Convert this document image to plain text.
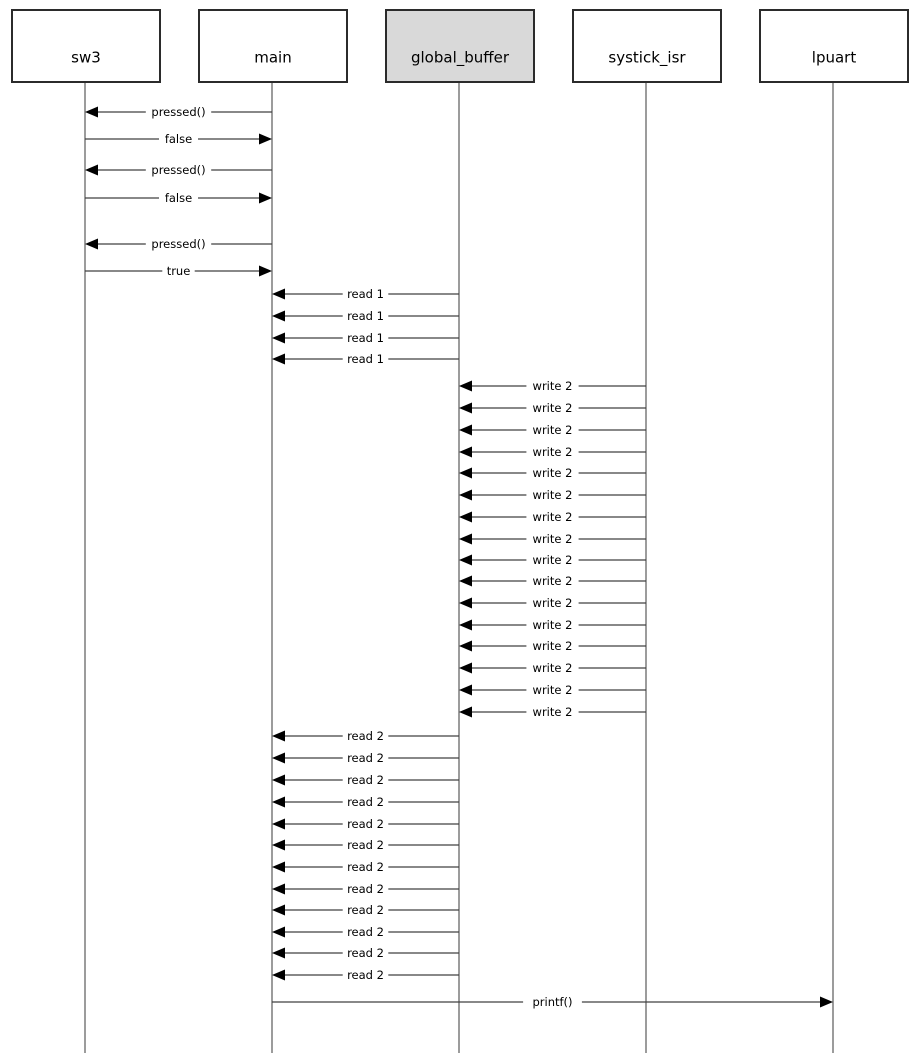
pressed()
false
pressed()
false
pressed()
true
read 1
read 1
read 1
read 1
write 2
write 2
write 2
write 2
write 2
write 2
write 2
write 2
write 2
write 2
write 2
write 2
write 2
write 2
write 2
write 2
read 2
read 2
read 2
read 2
read 2
read 2
read 2
read 2
read 2
read 2
read 2
read 2
printf()
sw3	main	global_buffer	systick_isr	lpuart
